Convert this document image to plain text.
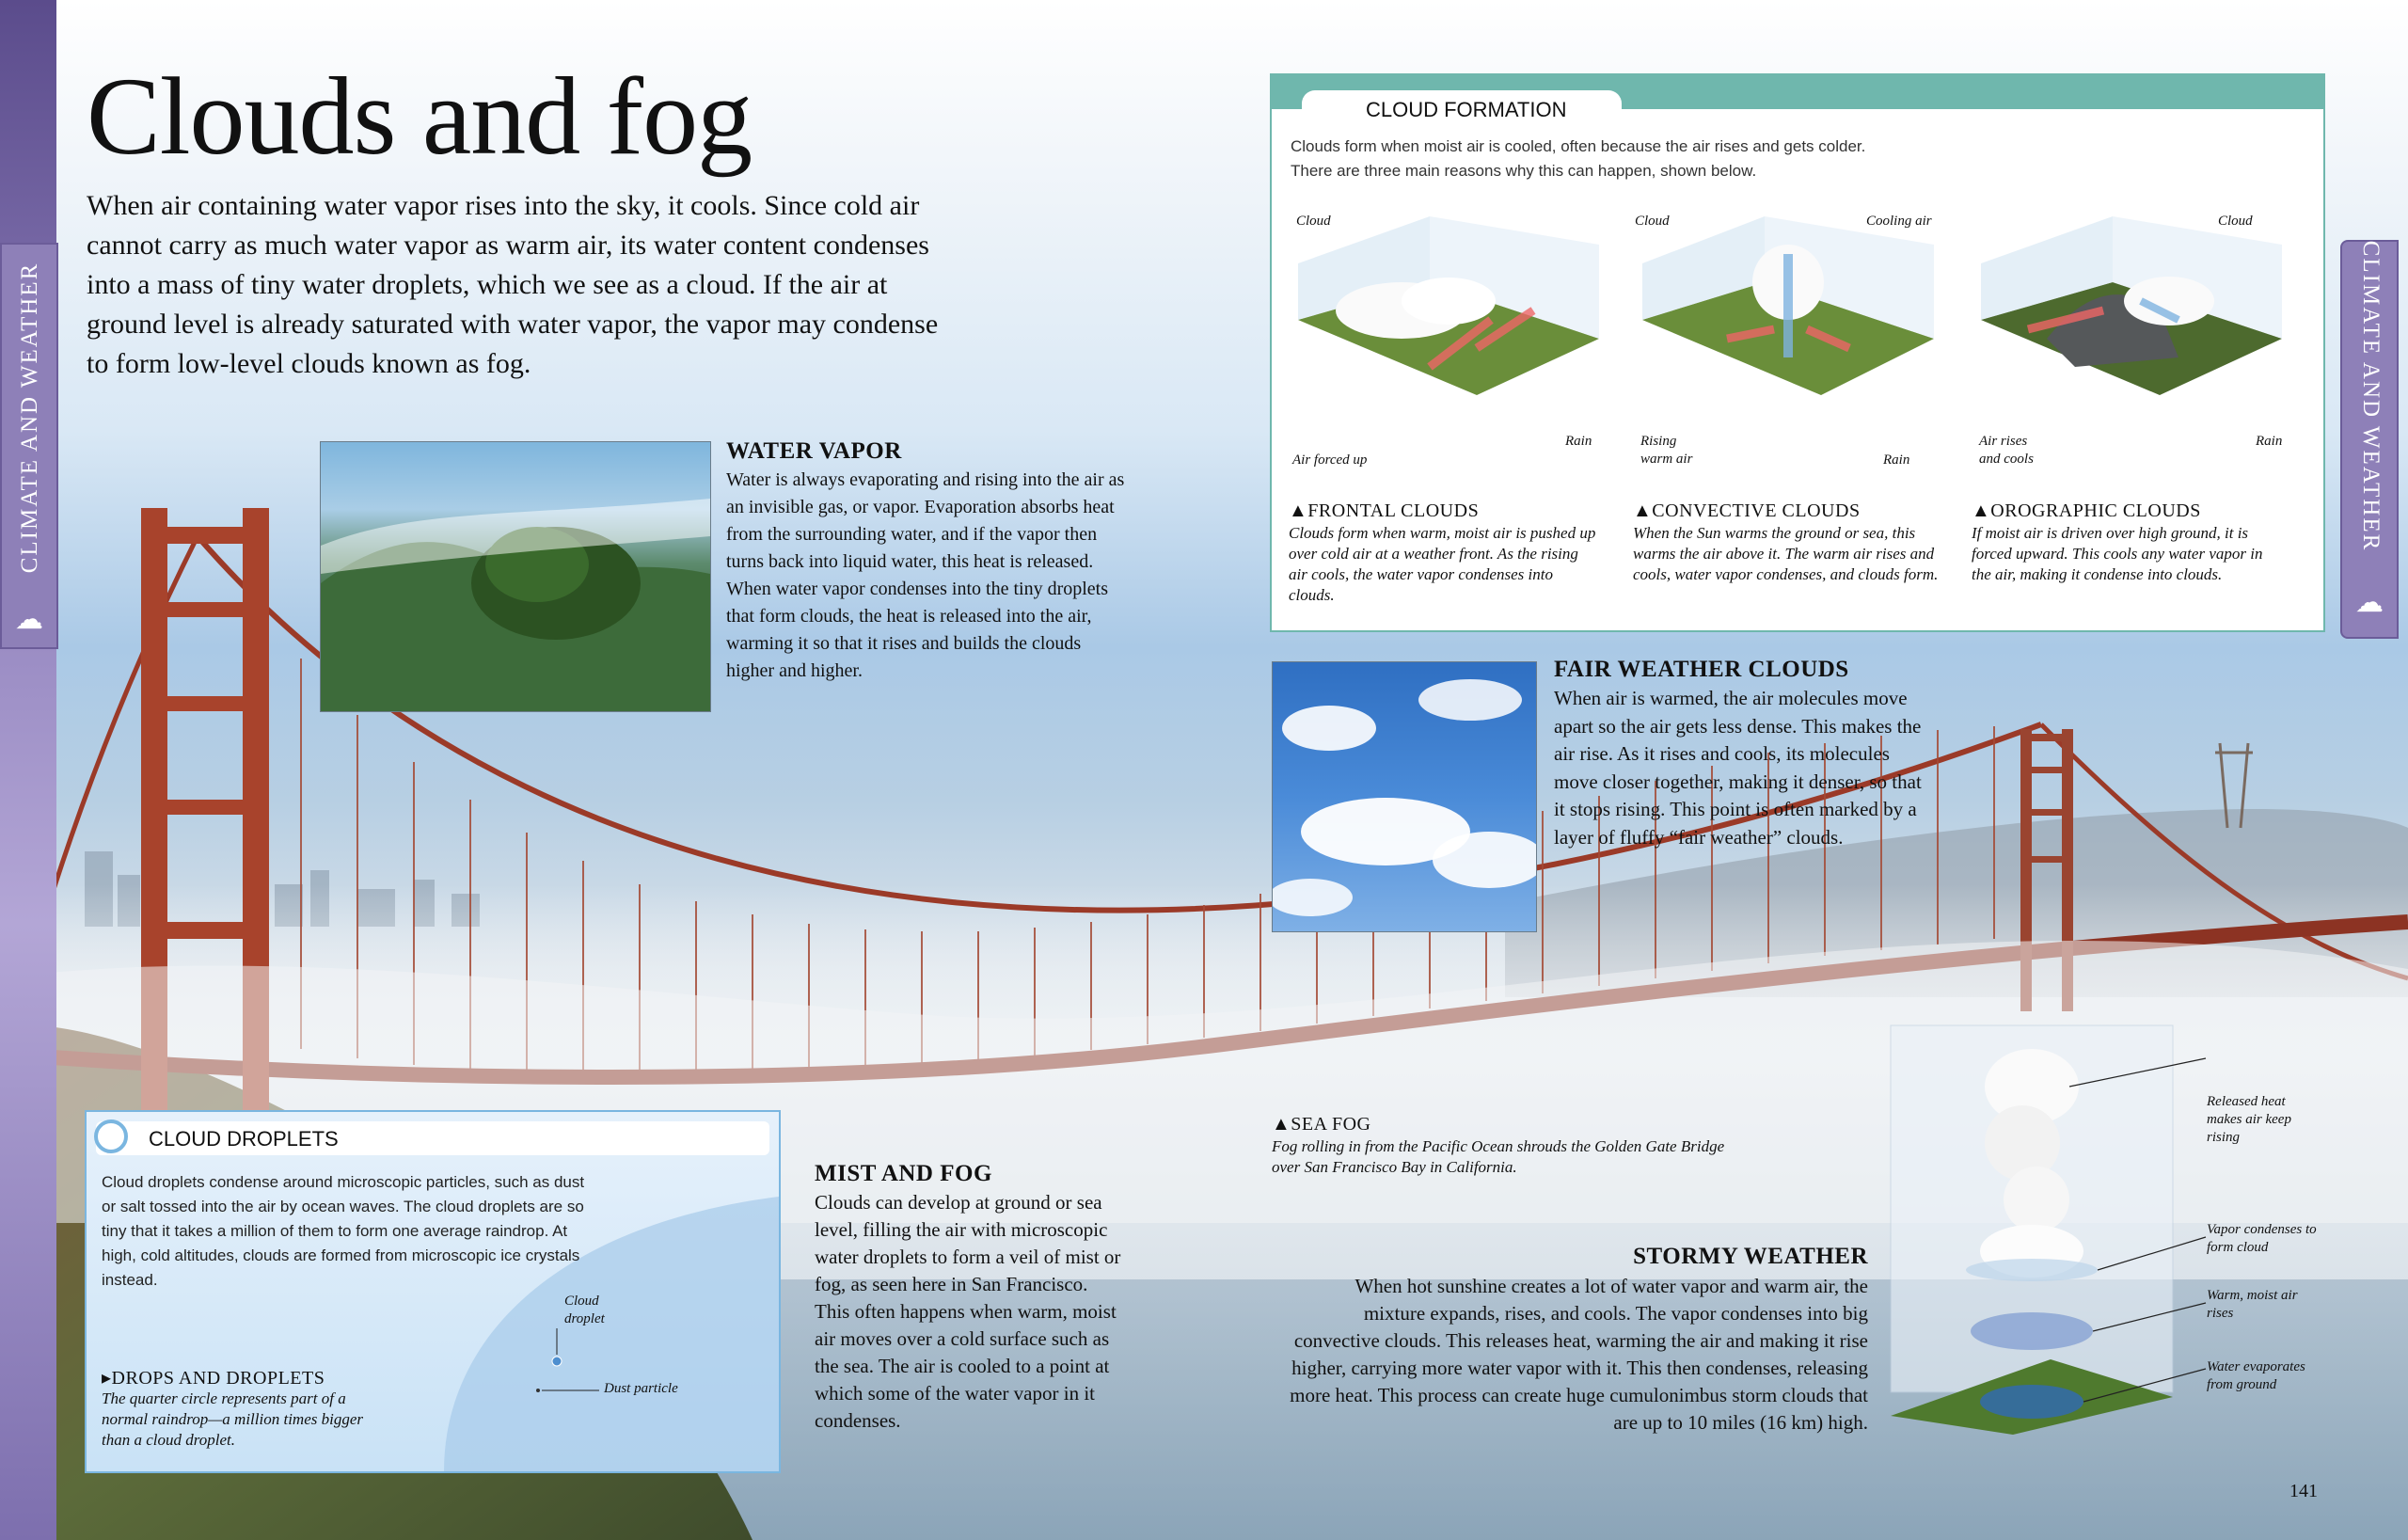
CLIMATE AND WEATHER
☁
CLIMATE AND WEATHER
☁
Clouds and fog
When air containing water vapor rises into the sky, it cools. Since cold air cannot carry as much water vapor as warm air, its water content condenses into a mass of tiny water droplets, which we see as a cloud. If the air at ground level is already saturated with water vapor, the vapor may condense to form low-level clouds known as fog.
WATER VAPOR
Water is always evaporating and rising into the air as an invisible gas, or vapor. Evaporation absorbs heat from the surrounding water, and if the vapor then turns back into liquid water, this heat is released. When water vapor condenses into the tiny droplets that form clouds, the heat is released into the air, warming it so that it rises and builds the clouds higher and higher.
CLOUD FORMATION
Clouds form when moist air is cooled, often because the air rises and gets colder.
There are three main reasons why this can happen, shown below.
Cloud
Air forced up
Rain
Cloud	Cooling air
Rising warm air	Rain
Cloud
Air rises and cools
Rain
▲FRONTAL CLOUDS
Clouds form when warm, moist air is pushed up over cold air at a weather front. As the rising air cools, the water vapor condenses into clouds.
▲CONVECTIVE CLOUDS
When the Sun warms the ground or sea, this warms the air above it. The warm air rises and cools, water vapor condenses, and clouds form.
▲OROGRAPHIC CLOUDS
If moist air is driven over high ground, it is forced upward. This cools any water vapor in the air, making it condense into clouds.
FAIR WEATHER CLOUDS
When air is warmed, the air molecules move apart so the air gets less dense. This makes the air rise. As it rises and cools, its molecules move closer together, making it denser, so that it stops rising. This point is often marked by a layer of fluffy “fair weather” clouds.
MIST AND FOG
Clouds can develop at ground or sea level, filling the air with microscopic water droplets to form a veil of mist or fog, as seen here in San Francisco. This often happens when warm, moist air moves over a cold surface such as the sea. The air is cooled to a point at which some of the water vapor in it condenses.
▲SEA FOG
Fog rolling in from the Pacific Ocean shrouds the Golden Gate Bridge over San Francisco Bay in California.
STORMY WEATHER
When hot sunshine creates a lot of water vapor and warm air, the mixture expands, rises, and cools. The vapor condenses into big convective clouds. This releases heat, warming the air and making it rise higher, carrying more water vapor with it. This then condenses, releasing more heat. This process can create huge cumulonimbus storm clouds that are up to 10 miles (16 km) high.
Released heat makes air keep rising
Vapor condenses to form cloud
Warm, moist air rises
Water evaporates from ground
CLOUD DROPLETS
Cloud droplets condense around microscopic particles, such as dust or salt tossed into the air by ocean waves. The cloud droplets are so tiny that it takes a million of them to form one average raindrop. At high, cold altitudes, clouds are formed from microscopic ice crystals instead.
▸DROPS AND DROPLETS
The quarter circle represents part of a normal raindrop—a million times bigger than a cloud droplet.
Cloud droplet
Dust particle
141
